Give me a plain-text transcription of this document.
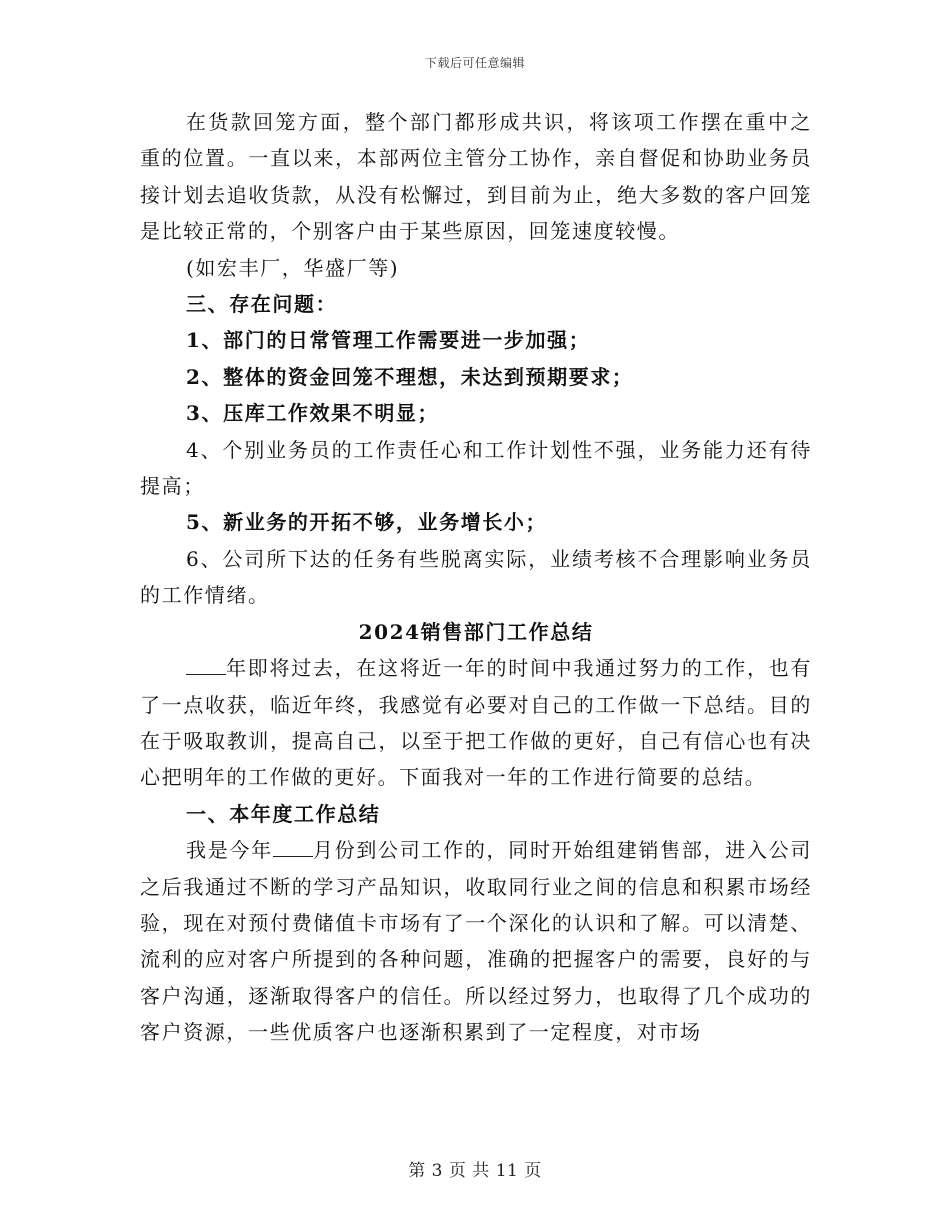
下载后可任意编辑

在货款回笼方面，整个部门都形成共识，将该项工作摆在重中之重的位置。一直以来，本部两位主管分工协作，亲自督促和协助业务员接计划去追收货款，从没有松懈过，到目前为止，绝大多数的客户回笼是比较正常的，个别客户由于某些原因，回笼速度较慢。

(如宏丰厂，华盛厂等)

三、存在问题：

1、部门的日常管理工作需要进一步加强；

2、整体的资金回笼不理想，未达到预期要求；

3、压库工作效果不明显；

4、个别业务员的工作责任心和工作计划性不强，业务能力还有待提高；

5、新业务的开拓不够，业务增长小；

6、公司所下达的任务有些脱离实际，业绩考核不合理影响业务员的工作情绪。

2024销售部门工作总结

年即将过去，在这将近一年的时间中我通过努力的工作，也有了一点收获，临近年终，我感觉有必要对自己的工作做一下总结。目的在于吸取教训，提高自己，以至于把工作做的更好，自己有信心也有决心把明年的工作做的更好。下面我对一年的工作进行简要的总结。

一、本年度工作总结

我是今年 月份到公司工作的，同时开始组建销售部，进入公司之后我通过不断的学习产品知识，收取同行业之间的信息和积累市场经验，现在对预付费储值卡市场有了一个深化的认识和了解。可以清楚、流利的应对客户所提到的各种问题，准确的把握客户的需要，良好的与客户沟通，逐渐取得客户的信任。所以经过努力，也取得了几个成功的客户资源，一些优质客户也逐渐积累到了一定程度，对市场

第 3 页 共 11 页
